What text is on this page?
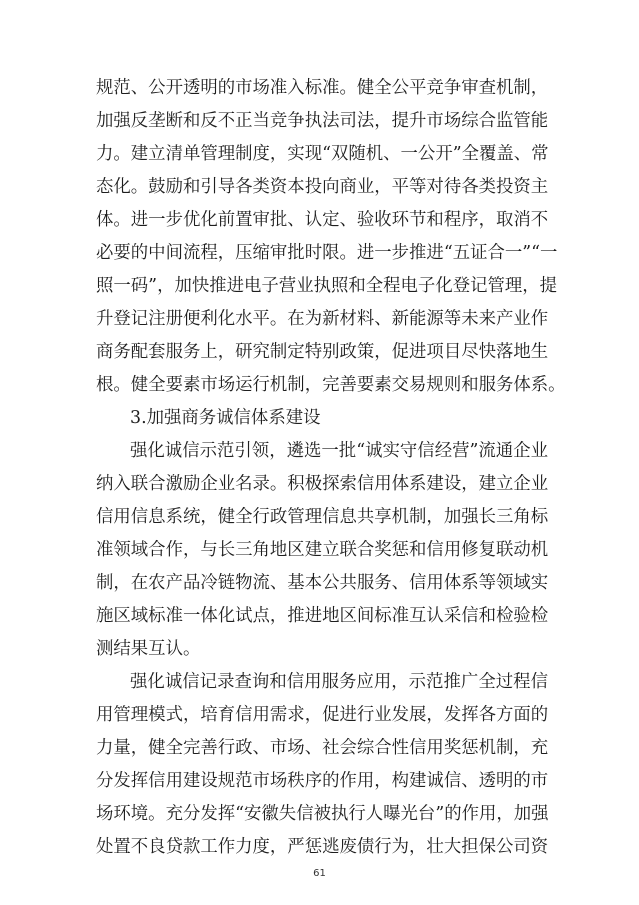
规范、公开透明的市场准入标准。健全公平竞争审查机制，
加强反垄断和反不正当竞争执法司法，提升市场综合监管能
力。建立清单管理制度，实现“双随机、一公开”全覆盖、常
态化。鼓励和引导各类资本投向商业，平等对待各类投资主
体。进一步优化前置审批、认定、验收环节和程序，取消不
必要的中间流程，压缩审批时限。进一步推进“五证合一”“一
照一码”，加快推进电子营业执照和全程电子化登记管理，提
升登记注册便利化水平。在为新材料、新能源等未来产业作
商务配套服务上，研究制定特别政策，促进项目尽快落地生
根。健全要素市场运行机制，完善要素交易规则和服务体系。
3.加强商务诚信体系建设
强化诚信示范引领，遴选一批“诚实守信经营”流通企业
纳入联合激励企业名录。积极探索信用体系建设，建立企业
信用信息系统，健全行政管理信息共享机制，加强长三角标
准领域合作，与长三角地区建立联合奖惩和信用修复联动机
制，在农产品冷链物流、基本公共服务、信用体系等领域实
施区域标准一体化试点，推进地区间标准互认采信和检验检
测结果互认。
强化诚信记录查询和信用服务应用，示范推广全过程信
用管理模式，培育信用需求，促进行业发展，发挥各方面的
力量，健全完善行政、市场、社会综合性信用奖惩机制，充
分发挥信用建设规范市场秩序的作用，构建诚信、透明的市
场环境。充分发挥“安徽失信被执行人曝光台”的作用，加强
处置不良贷款工作力度，严惩逃废债行为，壮大担保公司资
61
